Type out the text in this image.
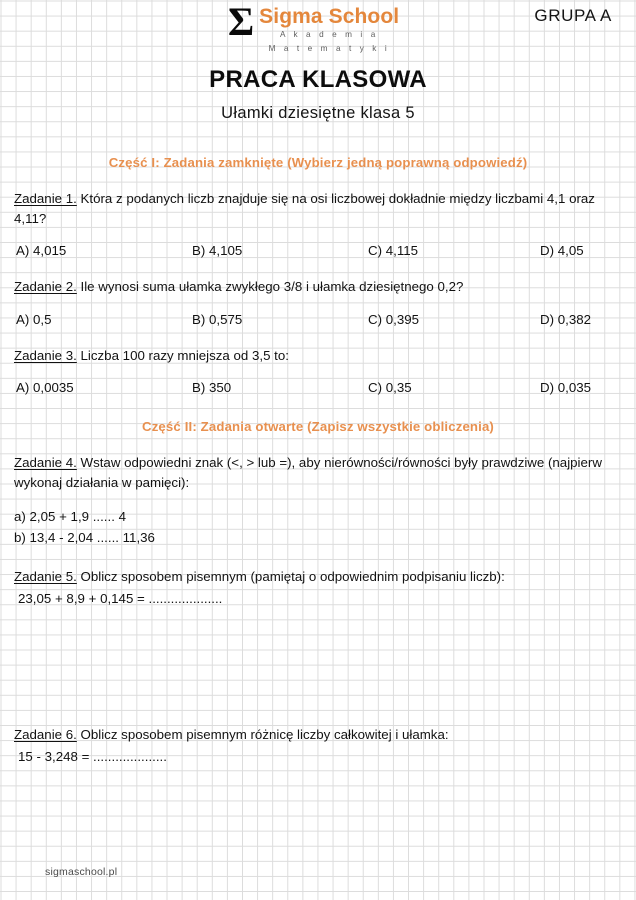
Σ Sigma School
A k a d e m i a
M a t e m a t y k i
GRUPA A
PRACA KLASOWA
Ułamki dziesiętne klasa 5
Część I: Zadania zamknięte (Wybierz jedną poprawną odpowiedź)
Zadanie 1. Która z podanych liczb znajduje się na osi liczbowej dokładnie między liczbami 4,1 oraz 4,11?
A) 4,015	B) 4,105	C) 4,115	D) 4,05
Zadanie 2. Ile wynosi suma ułamka zwykłego 3/8 i ułamka dziesiętnego 0,2?
A) 0,5	B) 0,575	C) 0,395	D) 0,382
Zadanie 3. Liczba 100 razy mniejsza od 3,5 to:
A) 0,0035	B) 350	C) 0,35	D) 0,035
Część II: Zadania otwarte (Zapisz wszystkie obliczenia)
Zadanie 4. Wstaw odpowiedni znak (<, > lub =), aby nierówności/równości były prawdziwe (najpierw wykonaj działania w pamięci):
a) 2,05 + 1,9 ...... 4
b) 13,4 - 2,04 ...... 11,36
Zadanie 5. Oblicz sposobem pisemnym (pamiętaj o odpowiednim podpisaniu liczb):
23,05 + 8,9 + 0,145 = ....................
Zadanie 6. Oblicz sposobem pisemnym różnicę liczby całkowitej i ułamka:
15 - 3,248 = ....................
sigmaschool.pl
